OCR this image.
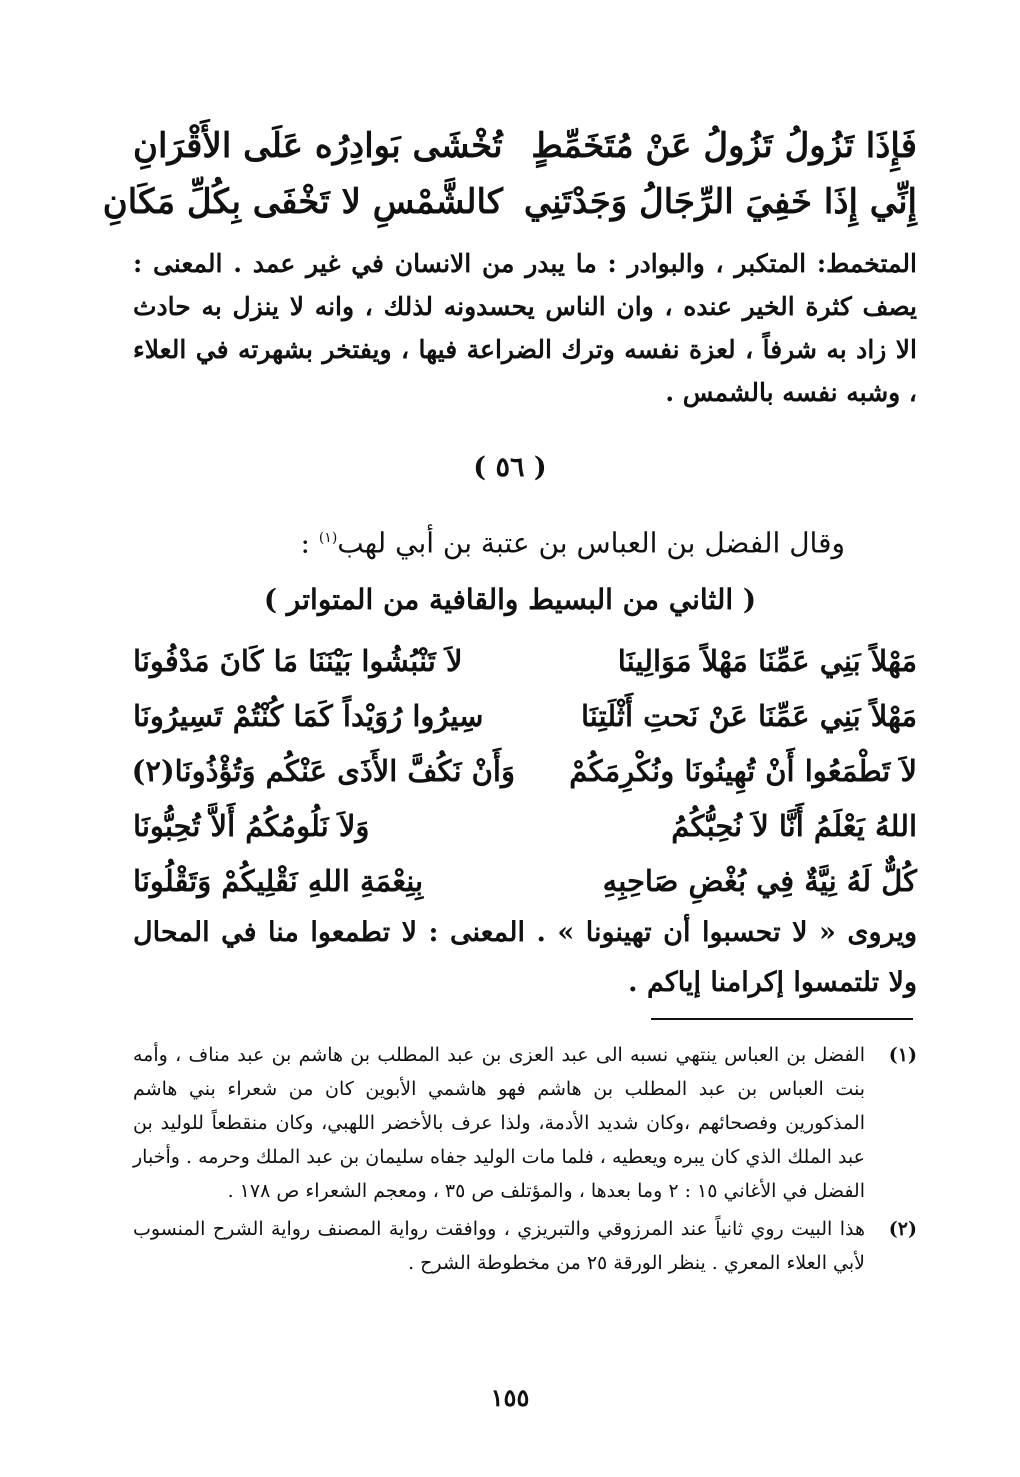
فَإِذَا تَزُولُ تَزُولُ عَنْ مُتَخَمِّطٍ
تُخْشَى بَوادِرُه عَلَى الأَقْرَانِ
إِنِّي إِذَا خَفِيَ الرِّجَالُ وَجَدْتَنِي
كالشَّمْسِ لا تَخْفَى بِكُلِّ مَكَانِ

المتخمط: المتكبر ، والبوادر : ما يبدر من الانسان في غير عمد . المعنى : يصف كثرة الخير عنده ، وان الناس يحسدونه لذلك ، وانه لا ينزل به حادث الا زاد به شرفاً ، لعزة نفسه وترك الضراعة فيها ، ويفتخر بشهرته في العلاء ، وشبه نفسه بالشمس .

( ٥٦ )
وقال الفضل بن العباس بن عتبة بن أبي لهب$^{(١)}$ :
( الثاني من البسيط والقافية من المتواتر )
مَهْلاً بَنِي عَمِّنَا مَهْلاً مَوَالِينَا
لاَ تَنْبُشُوا بَيْنَنَا مَا كَانَ مَدْفُونَا
مَهْلاً بَنِي عَمِّنَا عَنْ نَحتِ أَثْلَتِنَا
سِيرُوا رُوَيْداً كَمَا كُنْتُمْ تَسِيرُونَا
لاَ تَطْمَعُوا أَنْ تُهِينُونَا ونُكْرِمَكُمْ
وَأَنْ نَكُفَّ الأَذَى عَنْكُم وَتُؤْذُونَا(٢)
اللهُ يَعْلَمُ أَنَّا لاَ نُحِبُّكُمُ
وَلاَ نَلُومُكُمُ أَلاَّ تُحِبُّونَا
كُلٌّ لَهُ نِيَّةٌ فِي بُغْضِ صَاحِبِهِ
بِنِعْمَةِ اللهِ نَقْلِيكُمْ وَتَقْلُونَا

ويروى « لا تحسبوا أن تهينونا » . المعنى : لا تطمعوا منا في المحال ولا تلتمسوا إكرامنا إياكم .

(١)
الفضل بن العباس ينتهي نسبه الى عبد العزى بن عبد المطلب بن هاشم بن عبد مناف ، وأمه بنت العباس بن عبد المطلب بن هاشم فهو هاشمي الأبوين كان من شعراء بني هاشم المذكورين وفصحائهم ،وكان شديد الأدمة، ولذا عرف بالأخضر اللهبي، وكان منقطعاً للوليد بن عبد الملك الذي كان يبره ويعطيه ، فلما مات الوليد جفاه سليمان بن عبد الملك وحرمه . وأخبار الفضل في الأغاني ١٥ : ٢ وما بعدها ، والمؤتلف ص ٣٥ ، ومعجم الشعراء ص ١٧٨ .
(٢)
هذا البيت روي ثانياً عند المرزوقي والتبريزي ، ووافقت رواية المصنف رواية الشرح المنسوب لأبي العلاء المعري . ينظر الورقة ٢٥ من مخطوطة الشرح .
١٥٥
